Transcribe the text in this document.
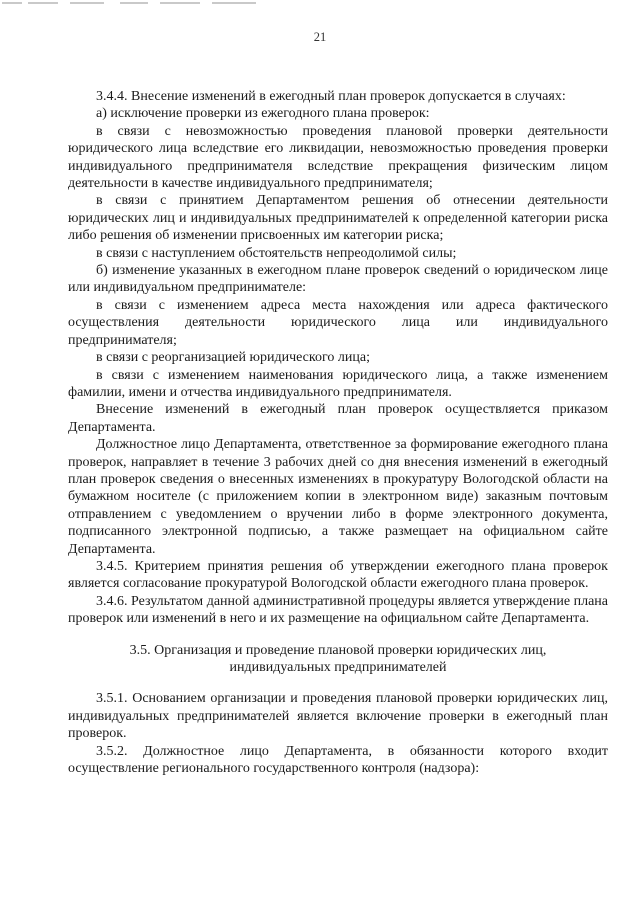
21

3.4.4. Внесение изменений в ежегодный план проверок допускается в случаях:

а) исключение проверки из ежегодного плана проверок:

в связи с невозможностью проведения плановой проверки деятельности юридического лица вследствие его ликвидации, невозможностью проведения проверки индивидуального предпринимателя вследствие прекращения физическим лицом деятельности в качестве индивидуального предпринимателя;

в связи с принятием Департаментом решения об отнесении деятельности юридических лиц и индивидуальных предпринимателей к определенной категории риска либо решения об изменении присвоенных им категории риска;

в связи с наступлением обстоятельств непреодолимой силы;

б) изменение указанных в ежегодном плане проверок сведений о юридическом лице или индивидуальном предпринимателе:

в связи с изменением адреса места нахождения или адреса фактического осуществления деятельности юридического лица или индивидуального предпринимателя;

в связи с реорганизацией юридического лица;

в связи с изменением наименования юридического лица, а также изменением фамилии, имени и отчества индивидуального предпринимателя.

Внесение изменений в ежегодный план проверок осуществляется приказом Департамента.

Должностное лицо Департамента, ответственное за формирование ежегодного плана проверок, направляет в течение 3 рабочих дней со дня внесения изменений в ежегодный план проверок сведения о внесенных изменениях в прокуратуру Вологодской области на бумажном носителе (с приложением копии в электронном виде) заказным почтовым отправлением с уведомлением о вручении либо в форме электронного документа, подписанного электронной подписью, а также размещает на официальном сайте Департамента.

3.4.5. Критерием принятия решения об утверждении ежегодного плана проверок является согласование прокуратурой Вологодской области ежегодного плана проверок.

3.4.6. Результатом данной административной процедуры является утверждение плана проверок или изменений в него и их размещение на официальном сайте Департамента.

3.5. Организация и проведение плановой проверки юридических лиц, индивидуальных предпринимателей

3.5.1. Основанием организации и проведения плановой проверки юридических лиц, индивидуальных предпринимателей является включение проверки в ежегодный план проверок.

3.5.2. Должностное лицо Департамента, в обязанности которого входит осуществление регионального государственного контроля (надзора):
